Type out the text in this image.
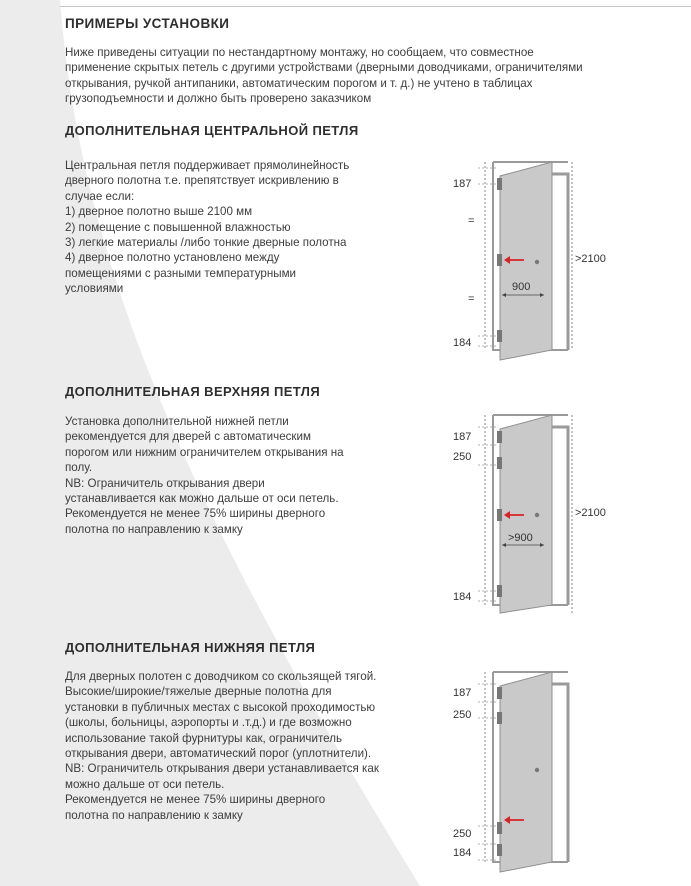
ПРИМЕРЫ УСТАНОВКИ

Ниже приведены ситуации по нестандартному монтажу, но сообщаем, что совместное
применение скрытых петель с другими устройствами (дверными доводчиками, ограничителями
открывания, ручкой антипаники, автоматическим порогом и т. д.) не учтено в таблицах
грузоподъемности и должно быть проверено заказчиком

ДОПОЛНИТЕЛЬНАЯ ЦЕНТРАЛЬНОЙ ПЕТЛЯ

Центральная петля поддерживает прямолинейность
дверного полотна т.е. препятствует искривлению в
случае если:
1) дверное полотно выше 2100 мм
2) помещение с повышенной влажностью
3) легкие материалы /либо тонкие дверные полотна
4) дверное полотно установлено между
помещениями с разными температурными
условиями

187
=
=
184
900
>2100
ДОПОЛНИТЕЛЬНАЯ ВЕРХНЯЯ ПЕТЛЯ

Установка дополнительной нижней петли
рекомендуется для дверей с автоматическим
порогом или нижним ограничителем открывания на
полу.
NB: Ограничитель открывания двери
устанавливается как можно дальше от оси петель.
Рекомендуется не менее 75% ширины дверного
полотна по направлению к замку

187
250
184
>900
>2100
ДОПОЛНИТЕЛЬНАЯ НИЖНЯЯ ПЕТЛЯ

Для дверных полотен с доводчиком со скользящей тягой.
Высокие/широкие/тяжелые дверные полотна для
установки в публичных местах с высокой проходимостью
(школы, больницы, аэропорты и .т.д.) и где возможно
использование такой фурнитуры как, ограничитель
открывания двери, автоматический порог (уплотнители).
NB: Ограничитель открывания двери устанавливается как
можно дальше от оси петель.
Рекомендуется не менее 75% ширины дверного
полотна по направлению к замку

187
250
250
184
